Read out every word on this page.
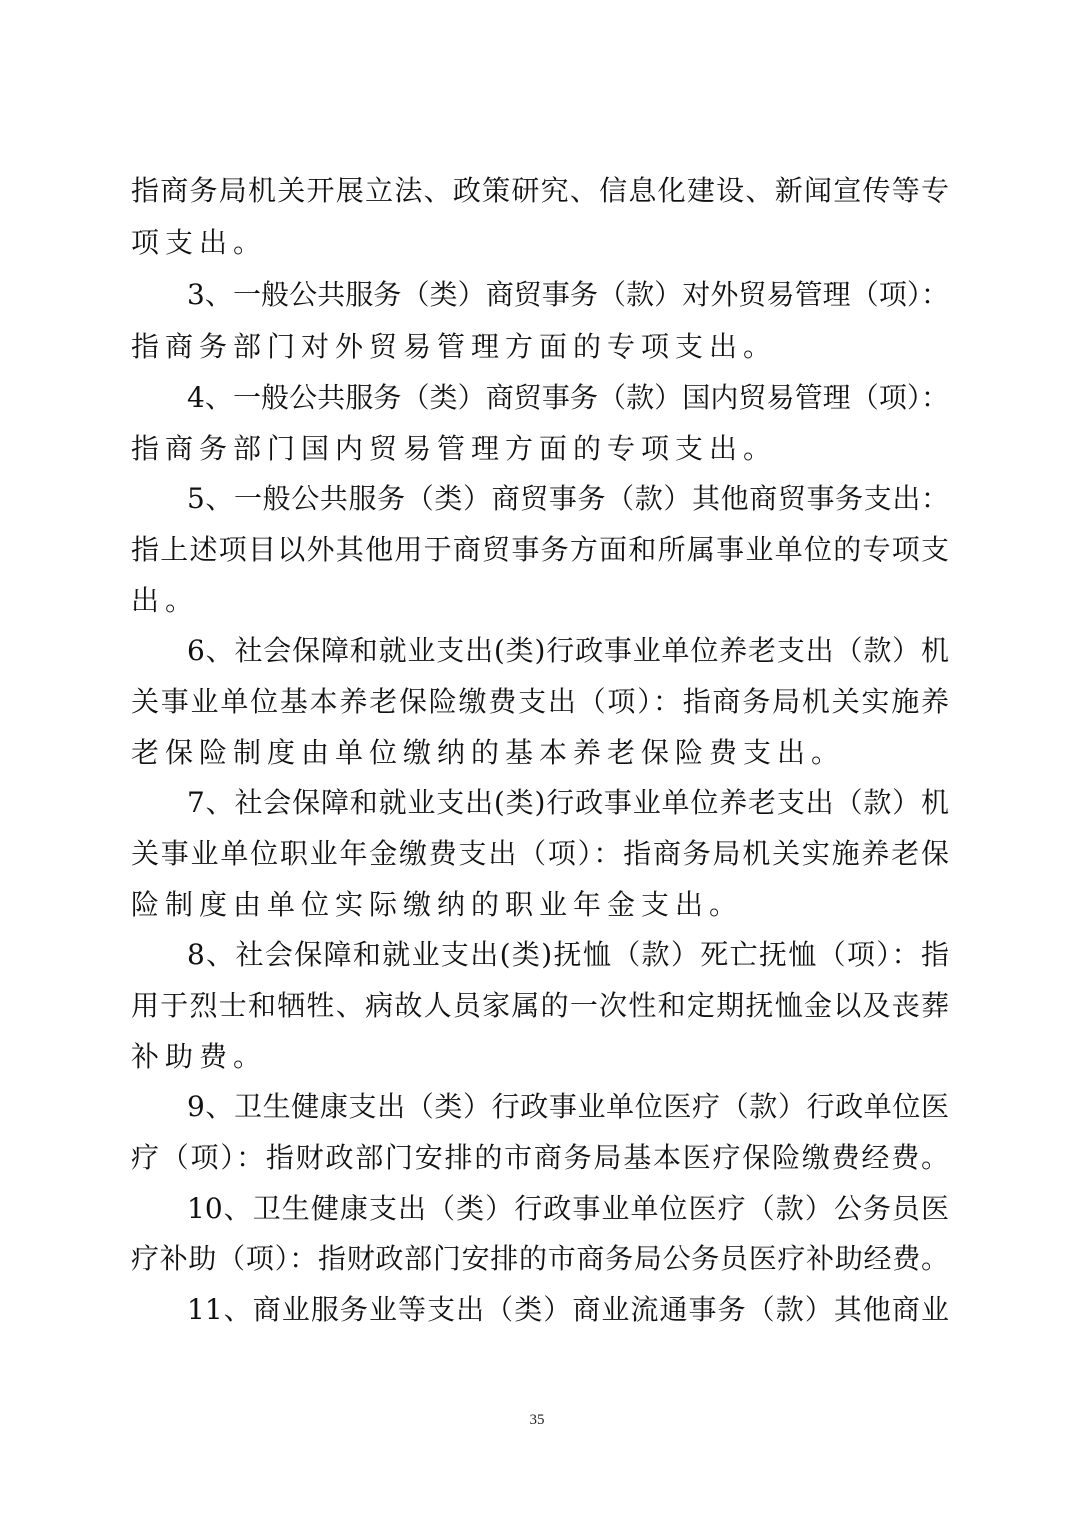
指商务局机关开展立法、政策研究、信息化建设、新闻宣传等专
项支出。
3、一般公共服务（类）商贸事务（款）对外贸易管理（项）：
指商务部门对外贸易管理方面的专项支出。
4、一般公共服务（类）商贸事务（款）国内贸易管理（项）：
指商务部门国内贸易管理方面的专项支出。
5、一般公共服务（类）商贸事务（款）其他商贸事务支出：
指上述项目以外其他用于商贸事务方面和所属事业单位的专项支
出。
6、社会保障和就业支出(类)行政事业单位养老支出（款）机
关事业单位基本养老保险缴费支出（项）：指商务局机关实施养
老保险制度由单位缴纳的基本养老保险费支出。
7、社会保障和就业支出(类)行政事业单位养老支出（款）机
关事业单位职业年金缴费支出（项）：指商务局机关实施养老保
险制度由单位实际缴纳的职业年金支出。
8、社会保障和就业支出(类)抚恤（款）死亡抚恤（项）：指
用于烈士和牺牲、病故人员家属的一次性和定期抚恤金以及丧葬
补助费。
9、卫生健康支出（类）行政事业单位医疗（款）行政单位医
疗（项）：指财政部门安排的市商务局基本医疗保险缴费经费。
10、卫生健康支出（类）行政事业单位医疗（款）公务员医
疗补助（项）：指财政部门安排的市商务局公务员医疗补助经费。
11、商业服务业等支出（类）商业流通事务（款）其他商业
35
